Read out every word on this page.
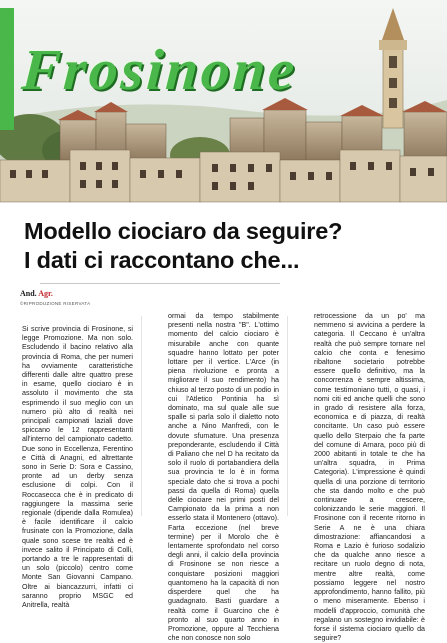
Frosinone
Modello ciociaro da seguire?
I dati ci raccontano che...
And. Agr.
©RIPRODUZIONE RISERVATA

Si scrive provincia di Frosinone, si legge Promozione. Ma non solo. Escludendo il bacino relativo alla provincia di Roma, che per numeri ha ovviamente caratteristiche differenti dalle altre quattro prese in esame, quello ciociaro è in assoluto il movimento che sta esprimendo il suo meglio con un numero più alto di realtà nei principali campionati laziali dove spiccano le 12 rappresentanti all'interno del campionato cadetto. Due sono in Eccellenza, Ferentino e Città di Anagni, ed altrettante sono in Serie D: Sora e Cassino, pronte ad un derby senza esclusione di colpi. Con il Roccasecca che è in predicato di raggiungere la massima serie regionale (dipende dalla Romulea) è facile identificare il calcio frusinate con la Promozione, dalla quale sono scese tre realtà ed è invece salito il Principato di Colli, portando a tre le rappresentati di un solo (piccolo) centro come Monte San Giovanni Campano. Oltre ai biancazzurri, infatti ci saranno proprio MSGC ed Anitrella, realtà

ormai da tempo stabilmente presenti nella nostra "B". L'ottimo momento del calcio ciociaro è misurabile anche con quante squadre hanno lottato per poter lottare per il vertice. L'Arce (in piena rivoluzione e pronta a migliorare il suo rendimento) ha chiuso al terzo posto di un podio in cui l'Atletico Pontinia ha sì dominato, ma sul quale alle sue spalle si parla solo il dialetto noto anche a Nino Manfredi, con le dovute sfumature. Una presenza preponderante, escludendo il Città di Paliano che nel D ha recitato da solo il ruolo di portabandiera della sua provincia te lo è in forma speciale dato che si trova a pochi passi da quella di Roma) quella delle ciociare nei primi posti del Campionato da la prima a non esserlo stata il Montenero (ottavo). Farta eccezione (nel breve termine) per il Morolo che è lentamente sprofondato nel corso degli anni, il calcio della provincia di Frosinone se non riesce a conquistare posizioni maggiori quantomeno ha la capacità di non disperdere quel che ha guadagnato. Basti guardare a realtà come il Guarcino che è pronto al suo quarto anno in Promozione, oppure al Tecchiena che non conosce non solo

retrocessione da un po' ma nemmeno si avvicina a perdere la categoria. Il Ceccano è un'altra realtà che può sempre tornare nel calcio che conta e fenesimo ribaltone societario potrebbe essere quello definitivo, ma la concorrenza è sempre altissima, come testimoniano tutti, o quasi, i nomi citi ed anche quelli che sono in grado di resistere alla forza, economica e di piazza, di realtà concitante. Un caso può essere quello dello Sterpaio che fa parte del comune di Arnara, poco più di 2000 abitanti in totale te che ha un'altra squadra, in Prima Categoria). L'impressione è quindi quella di una porzione di territorio che sta dando molto e che può continuare a crescere, colonizzando le serie maggiori. Il Frosinone con il recente ritorno in Serie A ne è una chiara dimostrazione: affiancandosi a Roma e Lazio è furioso sodalizio che da qualche anno riesce a recitare un ruolo degno di nota, mentre altre realtà, come possiamo leggere nel nostro approfondimento, hanno fallito, più o meno miseramente. Ebenso i modelli d'approccio, comunità che regalano un sostegno invidiabile: è forse il sistema ciociaro quello da seguire?
